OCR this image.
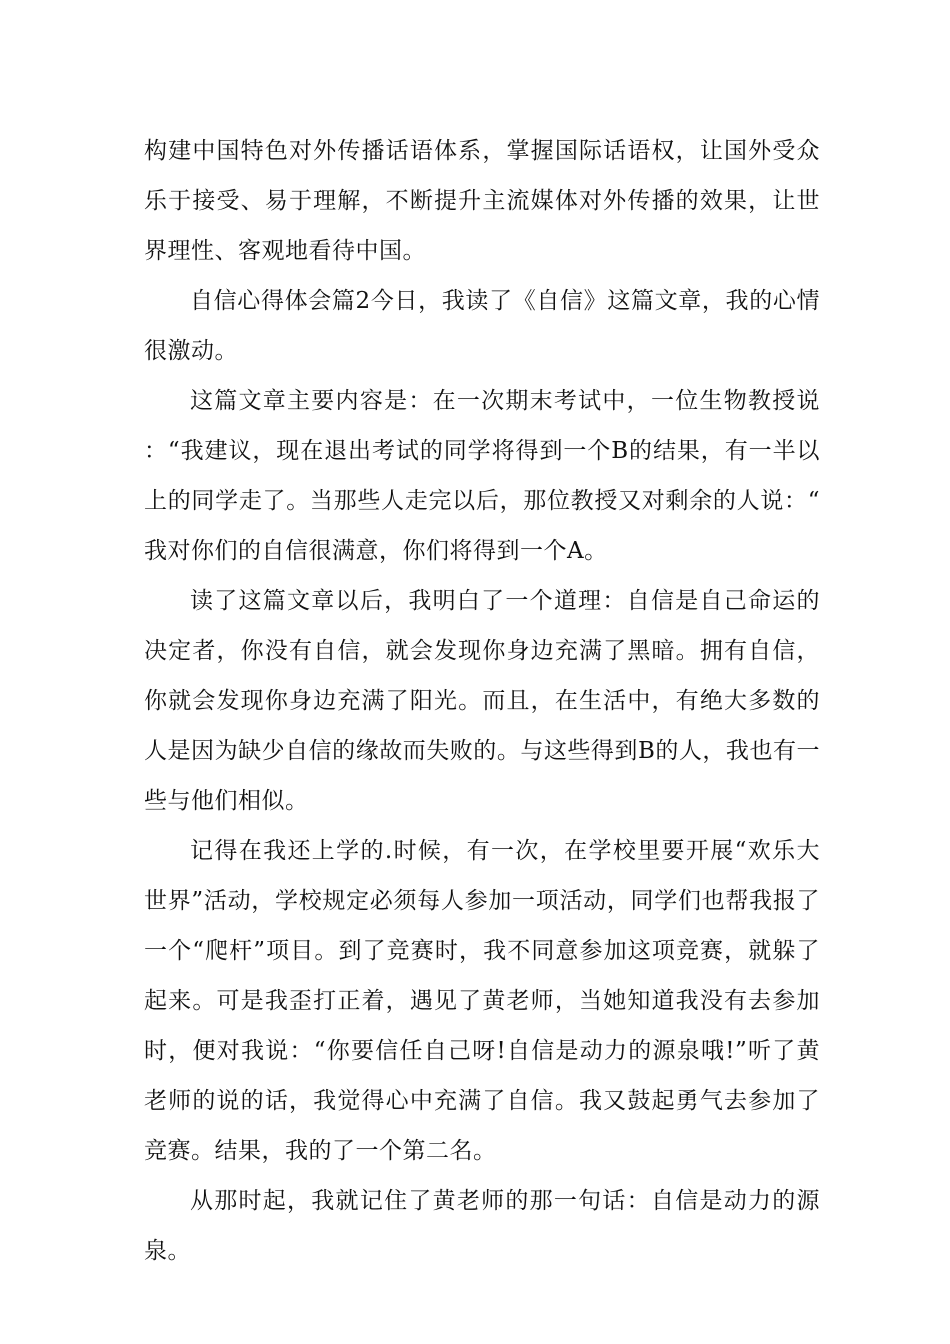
构建中国特色对外传播话语体系，掌握国际话语权，让国外受众乐于接受、易于理解，不断提升主流媒体对外传播的效果，让世界理性、客观地看待中国。

自信心得体会篇2今日，我读了《自信》这篇文章，我的心情很激动。

这篇文章主要内容是：在一次期末考试中，一位生物教授说：“我建议，现在退出考试的同学将得到一个B的结果，有一半以上的同学走了。当那些人走完以后，那位教授又对剩余的人说：“我对你们的自信很满意，你们将得到一个A。

读了这篇文章以后，我明白了一个道理：自信是自己命运的决定者，你没有自信，就会发现你身边充满了黑暗。拥有自信，你就会发现你身边充满了阳光。而且，在生活中，有绝大多数的人是因为缺少自信的缘故而失败的。与这些得到B的人，我也有一些与他们相似。

记得在我还上学的.时候，有一次，在学校里要开展“欢乐大世界”活动，学校规定必须每人参加一项活动，同学们也帮我报了一个“爬杆”项目。到了竞赛时，我不同意参加这项竞赛，就躲了起来。可是我歪打正着，遇见了黄老师，当她知道我没有去参加时，便对我说：“你要信任自己呀!自信是动力的源泉哦!”听了黄老师的说的话，我觉得心中充满了自信。我又鼓起勇气去参加了竞赛。结果，我的了一个第二名。

从那时起，我就记住了黄老师的那一句话：自信是动力的源泉。
